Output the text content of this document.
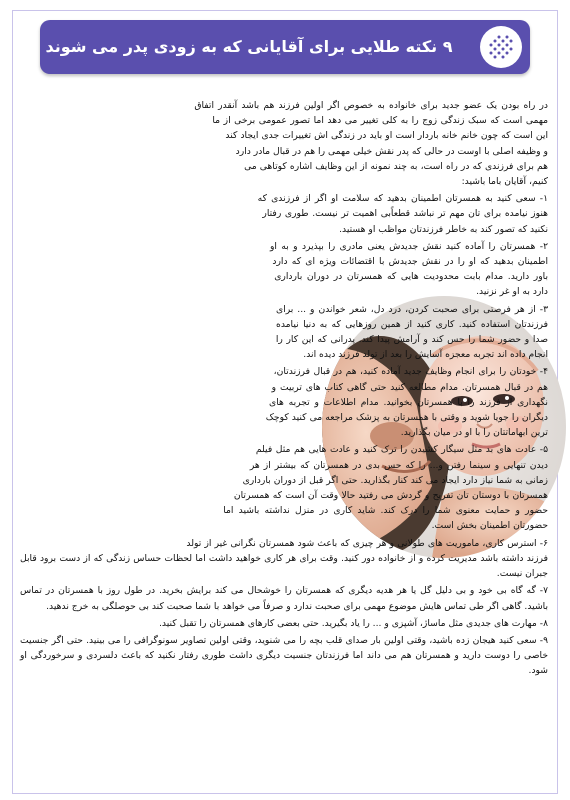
۹ نکته طلایی برای آقایانی که به زودی پدر می شوند

در راه بودن یک عضو جدید برای خانواده به خصوص اگر اولین فرزند هم باشد آنقدر اتفاق مهمی است که سبک زندگی زوج را به کلی تغییر می دهد اما تصور عمومی برخی از ما این است که چون خانم خانه باردار است او باید در زندگی اش تغییرات جدی ایجاد کند و وظیفه اصلی با اوست در حالی که پدر نقش خیلی مهمی را هم در قبال مادر دارد هم برای فرزندی که در راه است، به چند نمونه از این وظایف اشاره کوتاهی می کنیم، آقایان باما باشید:

۱- سعی کنید به همسرتان اطمینان بدهید که سلامت او اگر از فرزندی که هنوز نیامده برای تان مهم تر نباشد قطعاًبی اهمیت تر نیست. طوری رفتار نکنید که تصور کند به خاطر فرزندتان مواظب او هستید.

۲- همسرتان را آماده کنید نقش جدیدش یعنی مادری را بپذیرد و به او اطمینان بدهید که او را در نقش جدیدش با اقتضائات ویژه ای که دارد باور دارید. مدام بابت محدودیت هایی که همسرتان در دوران بارداری دارد به او غر نزنید.

۳- از هر فرصتی برای صحبت کردن، درد دل، شعر خواندن و ... برای فرزندتان استفاده کنید. کاری کنید از همین روزهایی که به دنیا نیامده صدا و حضور شما را حس کند و آرامش پیدا کند. پدرانی که این کار را انجام داده اند تجربه معجزه آسایش را بعد از تولد فرزند دیده اند.

۴- خودتان را برای انجام وظایف جدید آماده کنید، هم در قبال فرزندتان، هم در قبال همسرتان. مدام مطالعه کنید حتی گاهی کتاب های تربیت و نگهداری از فرزند را با همسرتان بخوانید. مدام اطلاعات و تجربه های دیگران را جویا شوید و وقتی با همسرتان به پزشک مراجعه می کنید کوچک ترین ابهاماتتان را با او در میان بگذارید.

۵- عادت های بد مثل سیگار کشیدن را ترک کنید و عادت هایی هم مثل فیلم دیدن تنهایی و سینما رفتن و... را که حس بدی در همسرتان که بیشتر از هر زمانی به شما نیاز دارد ایجاد می کند کنار بگذارید. حتی اگر قبل از دوران بارداری همسرتان با دوستان تان تفریح و گردش می رفتید حالا وقت آن است که همسرتان حضور و حمایت معنوی شما را درک کند. شاید کاری در منزل نداشته باشید اما حضورتان اطمینان بخش است.

۶- استرس کاری، ماموریت های طولانی و هر چیزی که باعث شود همسرتان نگرانی غیر از تولد فرزند داشته باشد مدیریت کرده و از خانواده دور کنید. وقت برای هر کاری خواهید داشت اما لحظات حساس زندگی که از دست برود قابل جبران نیست.

۷- گه گاه بی خود و بی دلیل گل یا هر هدیه دیگری که همسرتان را خوشحال می کند برایش بخرید. در طول روز با همسرتان در تماس باشید. گاهی اگر طی تماس هایش موضوع مهمی برای صحبت ندارد و صرفاً می خواهد با شما صحبت کند بی حوصلگی به خرج ندهید.

۸- مهارت های جدیدی مثل ماساژ، آشپزی و ... را یاد بگیرید. حتی بعضی کارهای همسرتان را تقبل کنید.

۹- سعی کنید هیجان زده باشید، وقتی اولین بار صدای قلب بچه را می شنوید، وقتی اولین تصاویر سونوگرافی را می بینید. حتی اگر جنسیت خاصی را دوست دارید و همسرتان هم می داند اما فرزندتان جنسیت دیگری داشت طوری رفتار نکنید که باعث دلسردی و سرخوردگی او شود.
